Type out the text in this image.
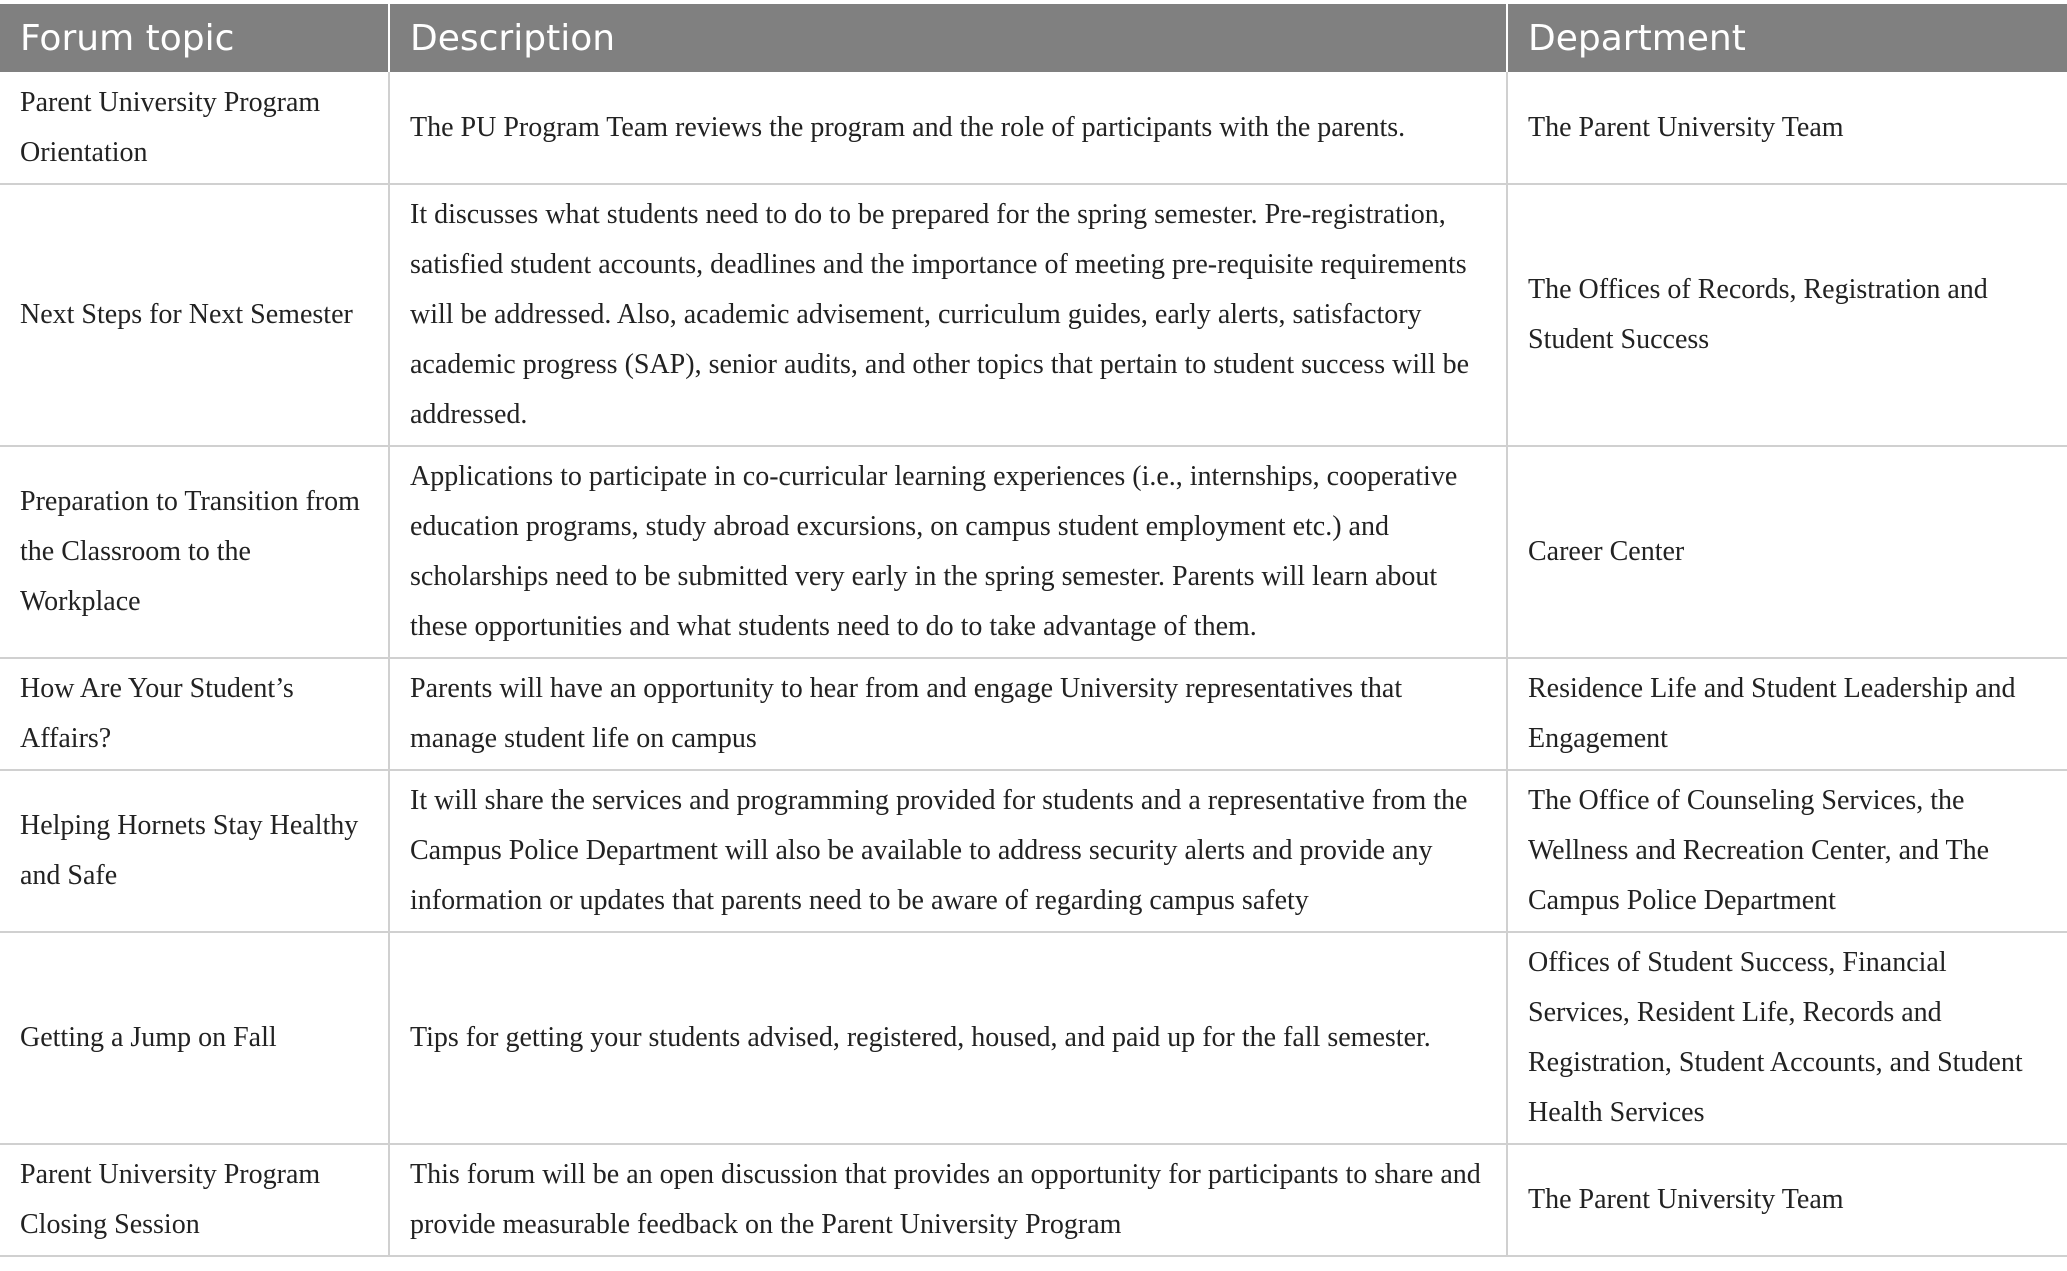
Forum topic	Description	Department
Parent University Program Orientation	The PU Program Team reviews the program and the role of participants with the parents.	The Parent University Team
Next Steps for Next Semester	It discusses what students need to do to be prepared for the spring semester. Pre-registration, satisfied student accounts, deadlines and the importance of meeting pre-requisite requirements will be addressed. Also, academic advisement, curriculum guides, early alerts, satisfactory academic progress (SAP), senior audits, and other topics that pertain to student success will be addressed.	The Offices of Records, Registration and Student Success
Preparation to Transition from the Classroom to the Workplace	Applications to participate in co-curricular learning experiences (i.e., internships, cooperative education programs, study abroad excursions, on campus student employment etc.) and scholarships need to be submitted very early in the spring semester. Parents will learn about these opportunities and what students need to do to take advantage of them.	Career Center
How Are Your Student’s Affairs?	Parents will have an opportunity to hear from and engage University representatives that manage student life on campus	Residence Life and Student Leadership and Engagement
Helping Hornets Stay Healthy and Safe	It will share the services and programming provided for students and a representative from the Campus Police Department will also be available to address security alerts and provide any information or updates that parents need to be aware of regarding campus safety	The Office of Counseling Services, the Wellness and Recreation Center, and The Campus Police Department
Getting a Jump on Fall	Tips for getting your students advised, registered, housed, and paid up for the fall semester.	Offices of Student Success, Financial Services, Resident Life, Records and Registration, Student Accounts, and Student Health Services
Parent University Program Closing Session	This forum will be an open discussion that provides an opportunity for participants to share and provide measurable feedback on the Parent University Program	The Parent University Team
